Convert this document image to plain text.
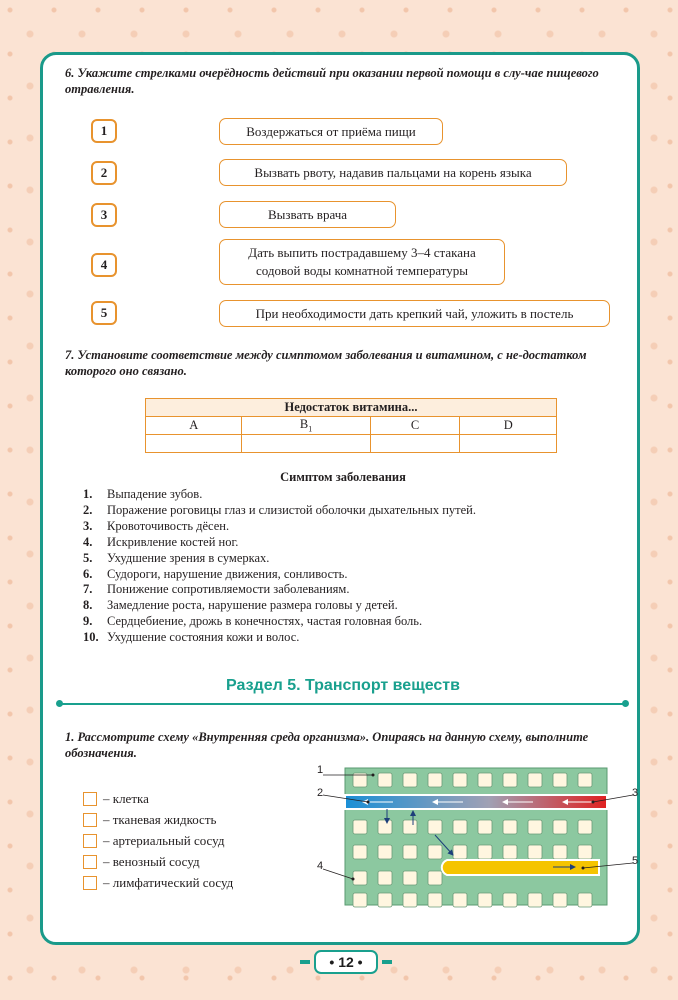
6. Укажите стрелками очерёдность действий при оказании первой помощи в слу-чае пищевого отравления.
1
2
3
4
5
Воздержаться от приёма пищи
Вызвать рвоту, надавив пальцами на корень языка
Вызвать врача
Дать выпить пострадавшему 3–4 стакана содовой воды комнатной температуры
При необходимости дать крепкий чай, уложить в постель
7. Установите соответствие между симптомом заболевания и витамином, с не-достатком которого оно связано.
Недостаток витамина...			
A	$B_1$	C	D

Симптом заболевания
1.	Выпадение зубов.
2.	Поражение роговицы глаз и слизистой оболочки дыхательных путей.
3.	Кровоточивость дёсен.
4.	Искривление костей ног.
5.	Ухудшение зрения в сумерках.
6.	Судороги, нарушение движения, сонливость.
7.	Понижение сопротивляемости заболеваниям.
8.	Замедление роста, нарушение размера головы у детей.
9.	Сердцебиение, дрожь в конечностях, частая головная боль.
10. Ухудшение состояния кожи и волос.
Раздел 5. Транспорт веществ
1. Рассмотрите схему «Внутренняя среда организма». Опираясь на данную схему, выполните обозначения.
– клетка
– тканевая жидкость
– артериальный сосуд
– венозный сосуд
– лимфатический сосуд
1
2	3
4	5
• 12 •
